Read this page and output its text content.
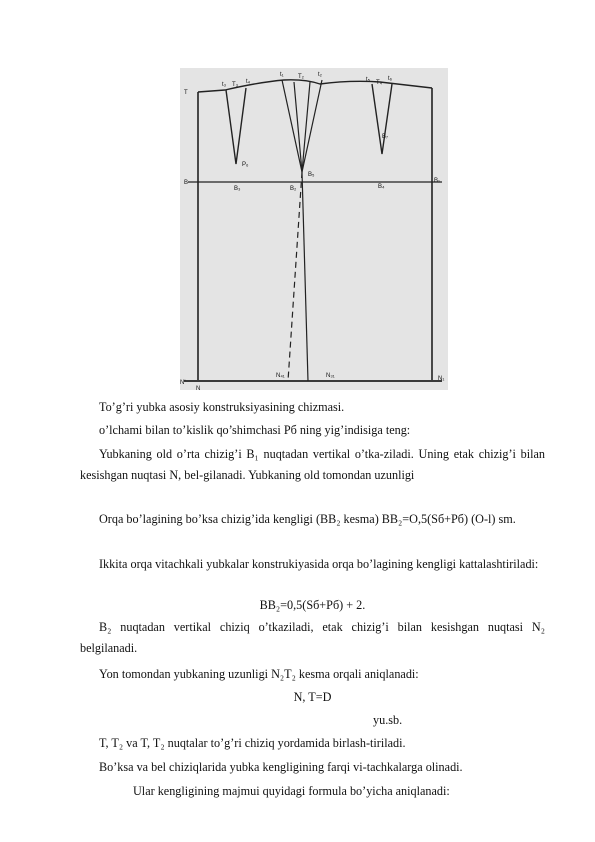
T
B	B₁
N'
N
t₃ T₃ t₄
t₁ T₂ t₂
t₅ T₄
t₆
P₆
B₃	B₂
B₅
B₄
B₇
N₄₁	N₃₁	N₁
To’g’ri yubka asosiy konstruksiyasining chizmasi.
o’lchami bilan to’kislik qo’shimchasi Pб ning yig’indisiga teng:
Yubkaning old o’rta chizig’i B₁ nuqtadan vertikal o’tka-ziladi. Uning etak chizig’i bilan kesishgan nuqtasi N, bel-gilanadi. Yubkaning old tomondan uzunligi
Orqa bo’lagining bo’ksa chizig’ida kengligi (BB₂ kesma) BB₂=O,5(Sб+Pб) (O-l) sm.
Ikkita orqa vitachkali yubkalar konstrukiyasida orqa bo’lagining kengligi kattalashtiriladi:
BB₂=0,5(Sб+Pб) + 2.
B₂ nuqtadan vertikal chiziq o’tkaziladi, etak chizig’i bilan kesishgan nuqtasi N₂ belgilanadi.
Yon tomondan yubkaning uzunligi N₂T₂ kesma orqali aniqlanadi:
N, T=D
yu.sb.
T, T₂ va T, T₂ nuqtalar to’g’ri chiziq yordamida birlash-tiriladi.
Bo’ksa va bel chiziqlarida yubka kengligining farqi vi-tachkalarga olinadi.
Ular kengligining majmui quyidagi formula bo’yicha aniqlanadi:
